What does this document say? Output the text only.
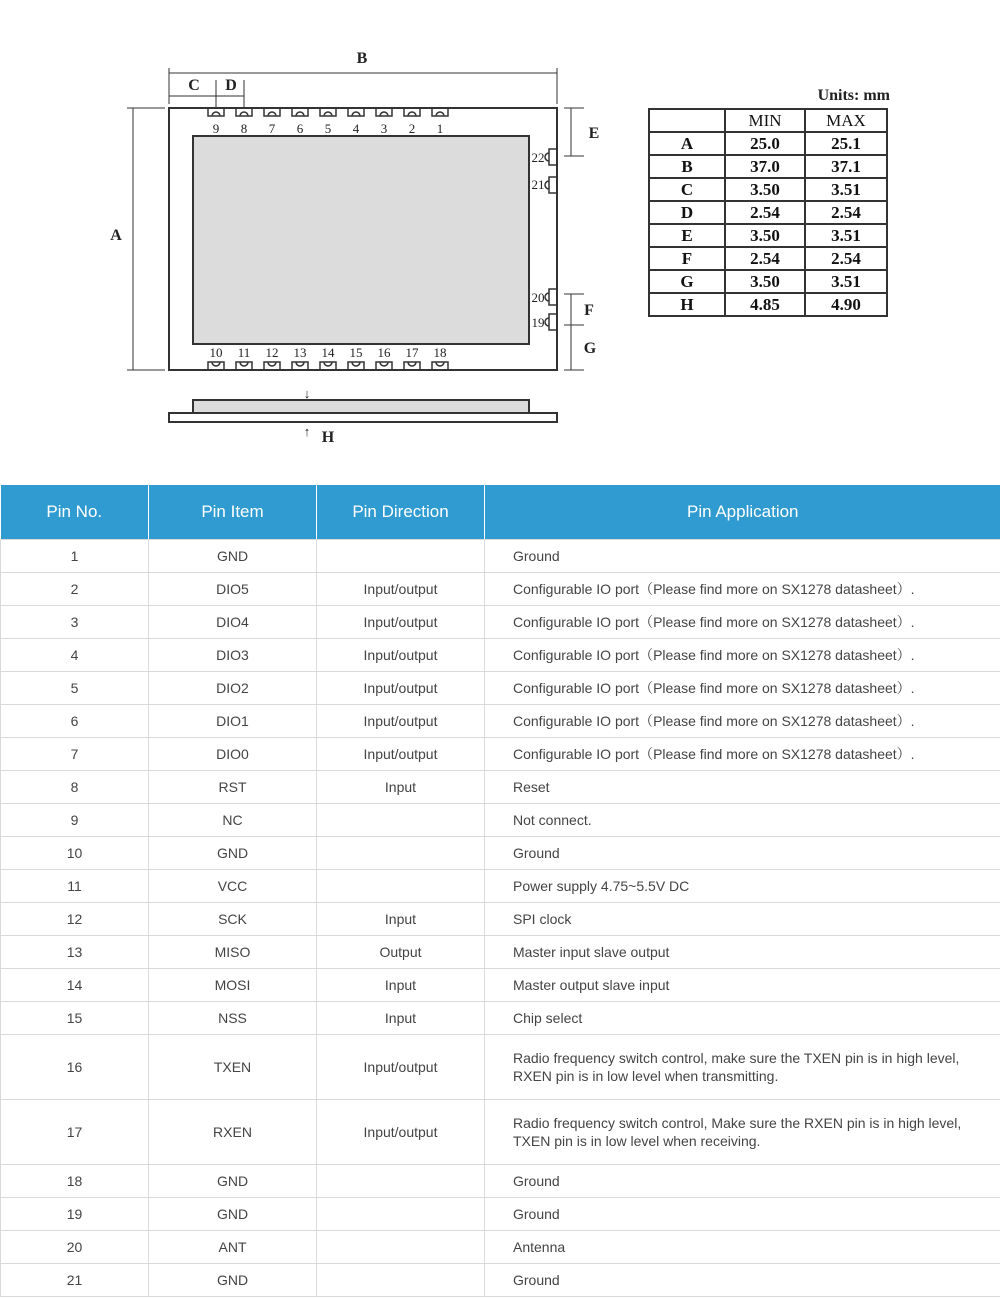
B
C D
A
9 8 7 6 5 4 3 2 1
10 11 12 13 14 15 16 17 18
22
21
20
19
E
F
G
↓
↑ H
Units: mm
	MIN	MAX
A	25.0	25.1
B	37.0	37.1
C	3.50	3.51
D	2.54	2.54
E	3.50	3.51
F	2.54	2.54
G	3.50	3.51
H	4.85	4.90
Pin No.	Pin Item	Pin Direction	Pin Application
1	GND		Ground
2	DIO5	Input/output	Configurable IO port（Please find more on SX1278 datasheet）.
3	DIO4	Input/output	Configurable IO port（Please find more on SX1278 datasheet）.
4	DIO3	Input/output	Configurable IO port（Please find more on SX1278 datasheet）.
5	DIO2	Input/output	Configurable IO port（Please find more on SX1278 datasheet）.
6	DIO1	Input/output	Configurable IO port（Please find more on SX1278 datasheet）.
7	DIO0	Input/output	Configurable IO port（Please find more on SX1278 datasheet）.
8	RST	Input	Reset
9	NC		Not connect.
10	GND		Ground
11	VCC		Power supply 4.75~5.5V DC
12	SCK	Input	SPI clock
13	MISO	Output	Master input slave output
14	MOSI	Input	Master output slave input
15	NSS	Input	Chip select
16	TXEN	Input/output	Radio frequency switch control, make sure the TXEN pin is in high level, RXEN pin is in low level when transmitting.
17	RXEN	Input/output	Radio frequency switch control, Make sure the RXEN pin is in high level, TXEN pin is in low level when receiving.
18	GND		Ground
19	GND		Ground
20	ANT		Antenna
21	GND		Ground
